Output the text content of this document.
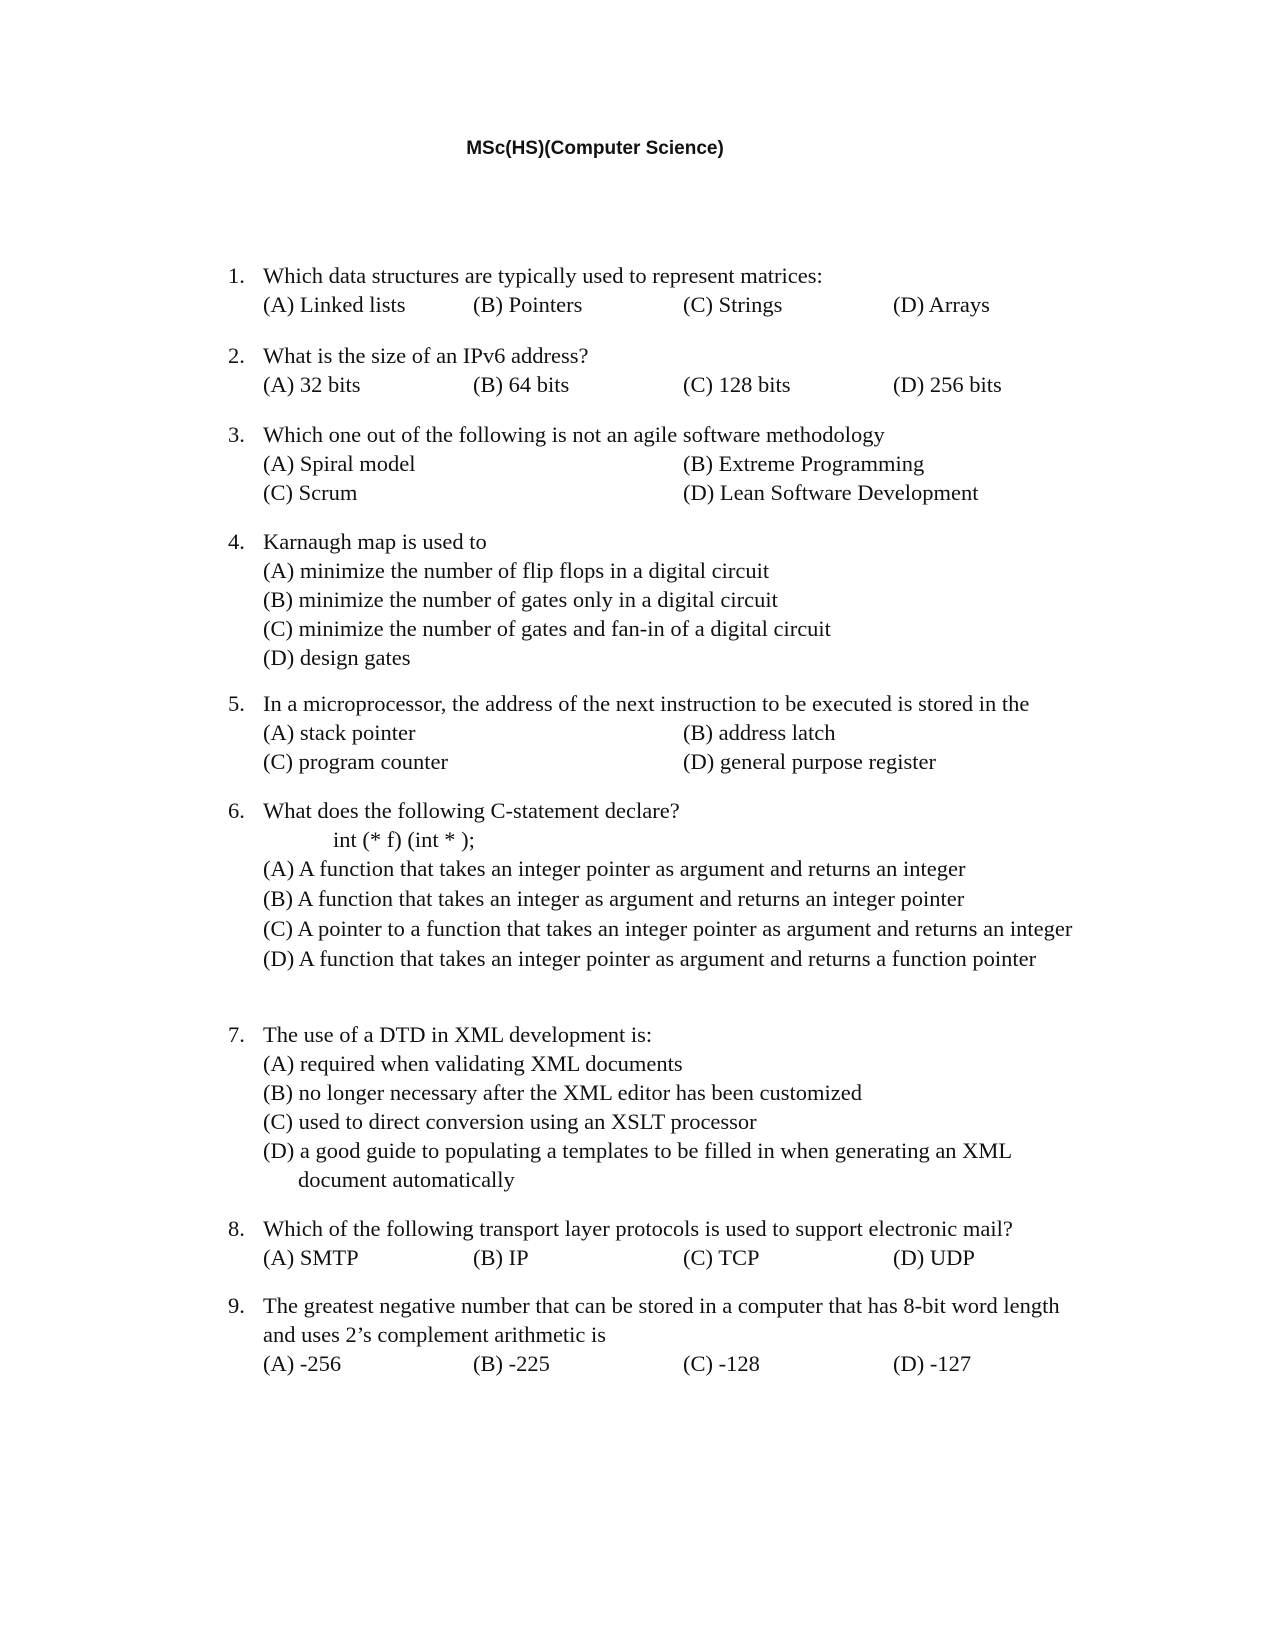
MSc(HS)(Computer Science)
1. Which data structures are typically used to represent matrices:
(A) Linked lists	(B) Pointers	(C) Strings	(D) Arrays
2. What is the size of an IPv6 address?
(A) 32 bits	(B) 64 bits	(C) 128 bits	(D) 256 bits
3. Which one out of the following is not an agile software methodology
(A) Spiral model	(B) Extreme Programming
(C) Scrum	(D) Lean Software Development
4. Karnaugh map is used to
(A) minimize the number of flip flops in a digital circuit
(B) minimize the number of gates only in a digital circuit
(C) minimize the number of gates and fan-in of a digital circuit
(D) design gates
5. In a microprocessor, the address of the next instruction to be executed is stored in the
(A) stack pointer	(B) address latch
(C) program counter	(D) general purpose register
6. What does the following C-statement declare?
int (* f) (int * );
(A) A function that takes an integer pointer as argument and returns an integer
(B) A function that takes an integer as argument and returns an integer pointer
(C) A pointer to a function that takes an integer pointer as argument and returns an integer
(D) A function that takes an integer pointer as argument and returns a function pointer
7. The use of a DTD in XML development is:
(A) required when validating XML documents
(B) no longer necessary after the XML editor has been customized
(C) used to direct conversion using an XSLT processor
(D) a good guide to populating a templates to be filled in when generating an XML document automatically
8. Which of the following transport layer protocols is used to support electronic mail?
(A) SMTP	(B) IP	(C) TCP	(D) UDP
9. The greatest negative number that can be stored in a computer that has 8-bit word length and uses 2’s complement arithmetic is
(A) -256	(B) -225	(C) -128	(D) -127
